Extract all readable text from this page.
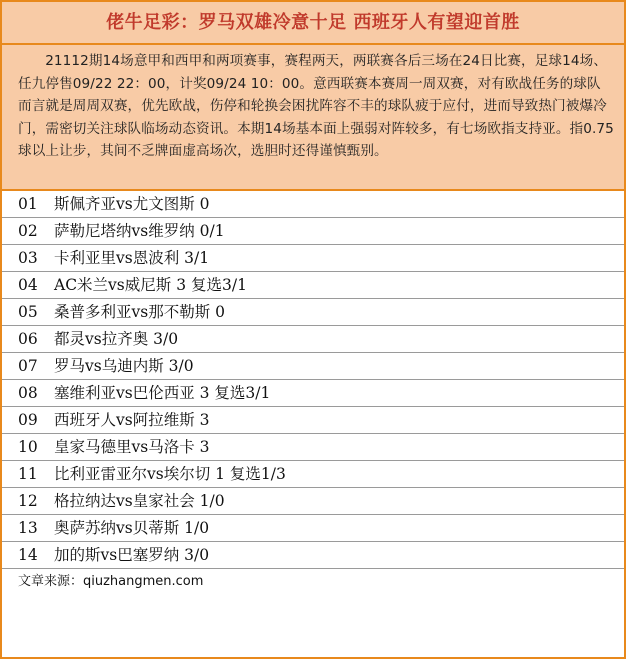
佬牛足彩：罗马双雄冷意十足 西班牙人有望迎首胜
21112期14场意甲和西甲和两项赛事，赛程两天，两联赛各后三场在24日比赛，足球14场、任九停售09/22 22：00，计奖09/24 10：00。意西联赛本赛周一周双赛，对有欧战任务的球队而言就是周周双赛，优先欧战，伤停和轮换会困扰阵容不丰的球队疲于应付，进而导致热门被爆冷门，需密切关注球队临场动态资讯。本期14场基本面上强弱对阵较多，有七场欧指支持亚。指0.75球以上让步，其间不乏牌面虚高场次，选胆时还得谨慎甄别。
01 斯佩齐亚vs尤文图斯 0
02 萨勒尼塔纳vs维罗纳 0/1
03 卡利亚里vs恩波利 3/1
04 AC米兰vs威尼斯 3 复选3/1
05 桑普多利亚vs那不勒斯 0
06 都灵vs拉齐奥 3/0
07 罗马vs乌迪内斯 3/0
08 塞维利亚vs巴伦西亚 3 复选3/1
09 西班牙人vs阿拉维斯 3
10 皇家马德里vs马洛卡 3
11 比利亚雷亚尔vs埃尔切 1 复选1/3
12 格拉纳达vs皇家社会 1/0
13 奥萨苏纳vs贝蒂斯 1/0
14 加的斯vs巴塞罗纳 3/0
文章来源：qiuzhangmen.com
